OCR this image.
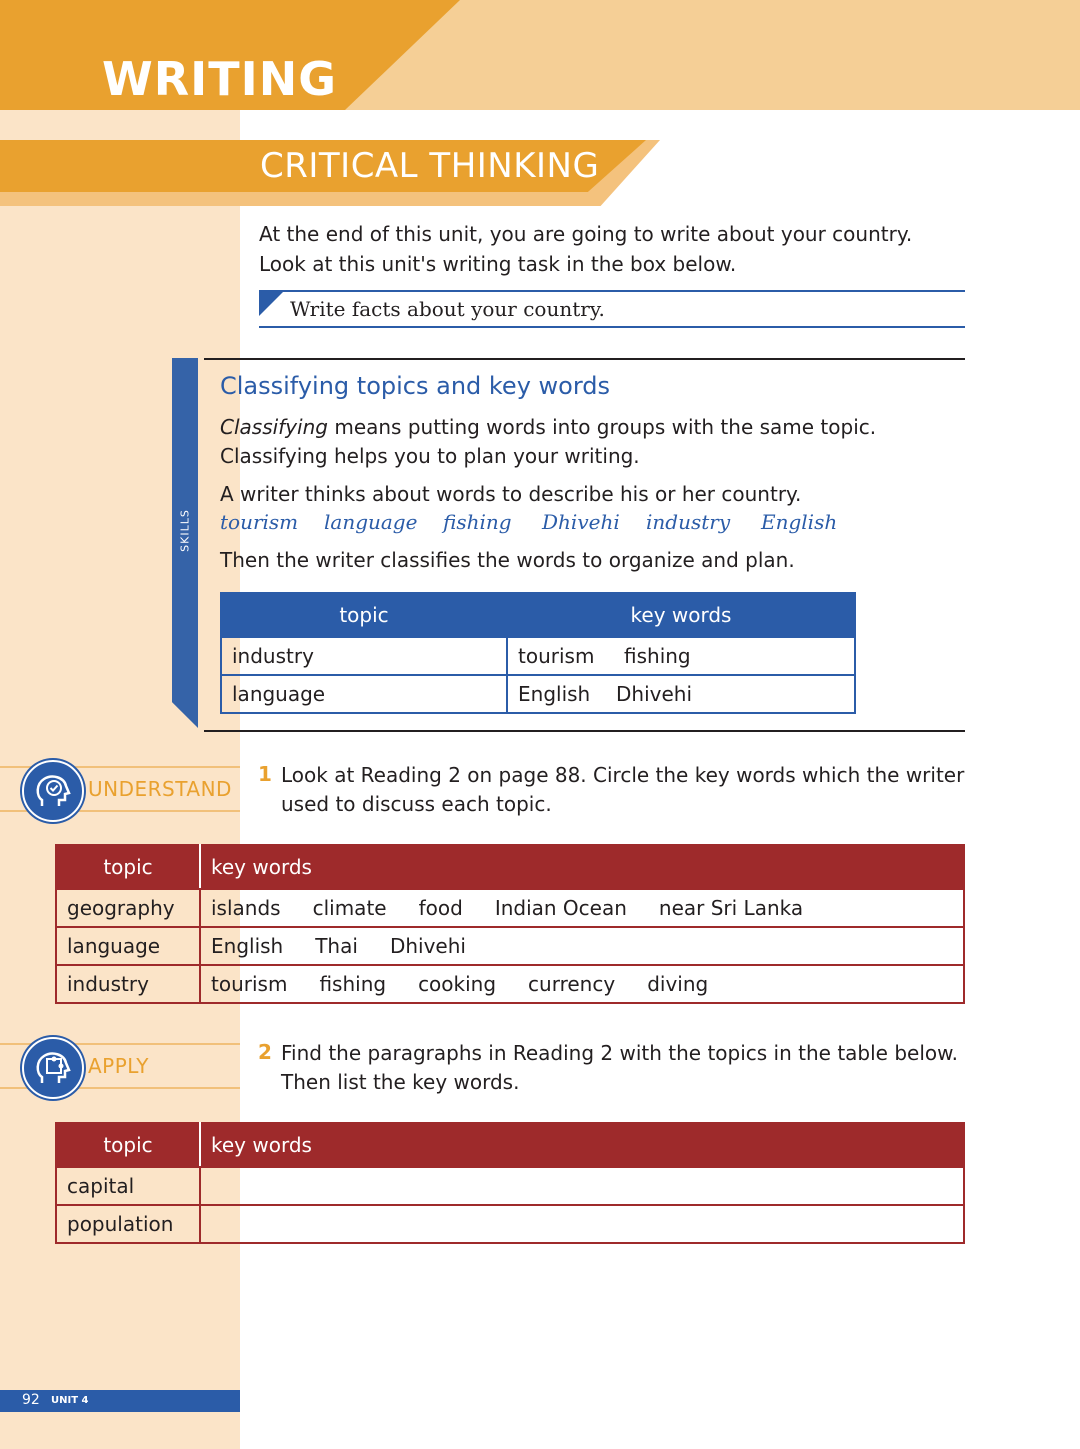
WRITING
CRITICAL THINKING
At the end of this unit, you are going to write about your country. Look at this unit's writing task in the box below.
Write facts about your country.
SKILLS
Classifying topics and key words
Classifying means putting words into groups with the same topic. Classifying helps you to plan your writing.
A writer thinks about words to describe his or her country.
tourism language fishing Dhivehi industry English
Then the writer classifies the words to organize and plan.
topic	key words
industry	tourism fishing
language	English Dhivehi
UNDERSTAND
1 Look at Reading 2 on page 88. Circle the key words which the writer used to discuss each topic.
topic	key words
geography	islands climate food Indian Ocean near Sri Lanka
language	English Thai Dhivehi
industry	tourism fishing cooking currency diving
APPLY
2 Find the paragraphs in Reading 2 with the topics in the table below. Then list the key words.
topic	key words
capital	
population	
92 UNIT 4
